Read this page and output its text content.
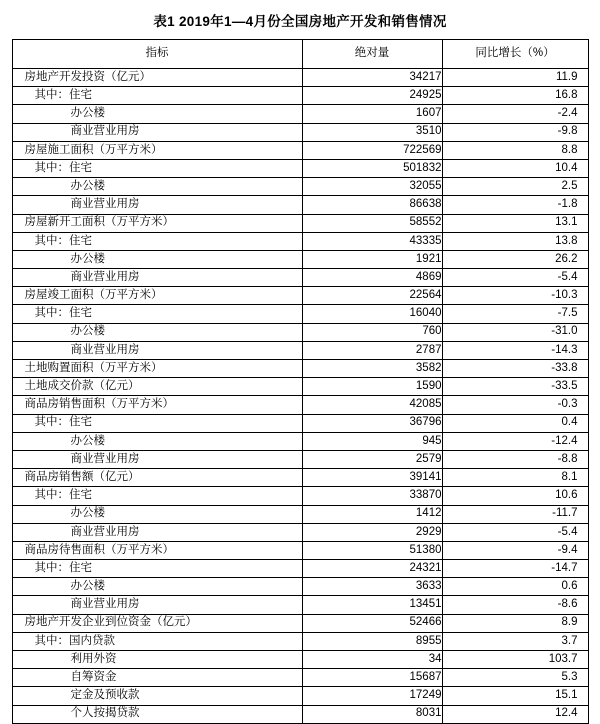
表1 2019年1—4月份全国房地产开发和销售情况
指标	绝对量	同比增长（%）
房地产开发投资（亿元）	34217	11.9
其中：住宅	24925	16.8
办公楼	1607	-2.4
商业营业用房	3510	-9.8
房屋施工面积（万平方米）	722569	8.8
其中：住宅	501832	10.4
办公楼	32055	2.5
商业营业用房	86638	-1.8
房屋新开工面积（万平方米）	58552	13.1
其中：住宅	43335	13.8
办公楼	1921	26.2
商业营业用房	4869	-5.4
房屋竣工面积（万平方米）	22564	-10.3
其中：住宅	16040	-7.5
办公楼	760	-31.0
商业营业用房	2787	-14.3
土地购置面积（万平方米）	3582	-33.8
土地成交价款（亿元）	1590	-33.5
商品房销售面积（万平方米）	42085	-0.3
其中：住宅	36796	0.4
办公楼	945	-12.4
商业营业用房	2579	-8.8
商品房销售额（亿元）	39141	8.1
其中：住宅	33870	10.6
办公楼	1412	-11.7
商业营业用房	2929	-5.4
商品房待售面积（万平方米）	51380	-9.4
其中：住宅	24321	-14.7
办公楼	3633	0.6
商业营业用房	13451	-8.6
房地产开发企业到位资金（亿元）	52466	8.9
其中：国内贷款	8955	3.7
利用外资	34	103.7
自筹资金	15687	5.3
定金及预收款	17249	15.1
个人按揭贷款	8031	12.4
